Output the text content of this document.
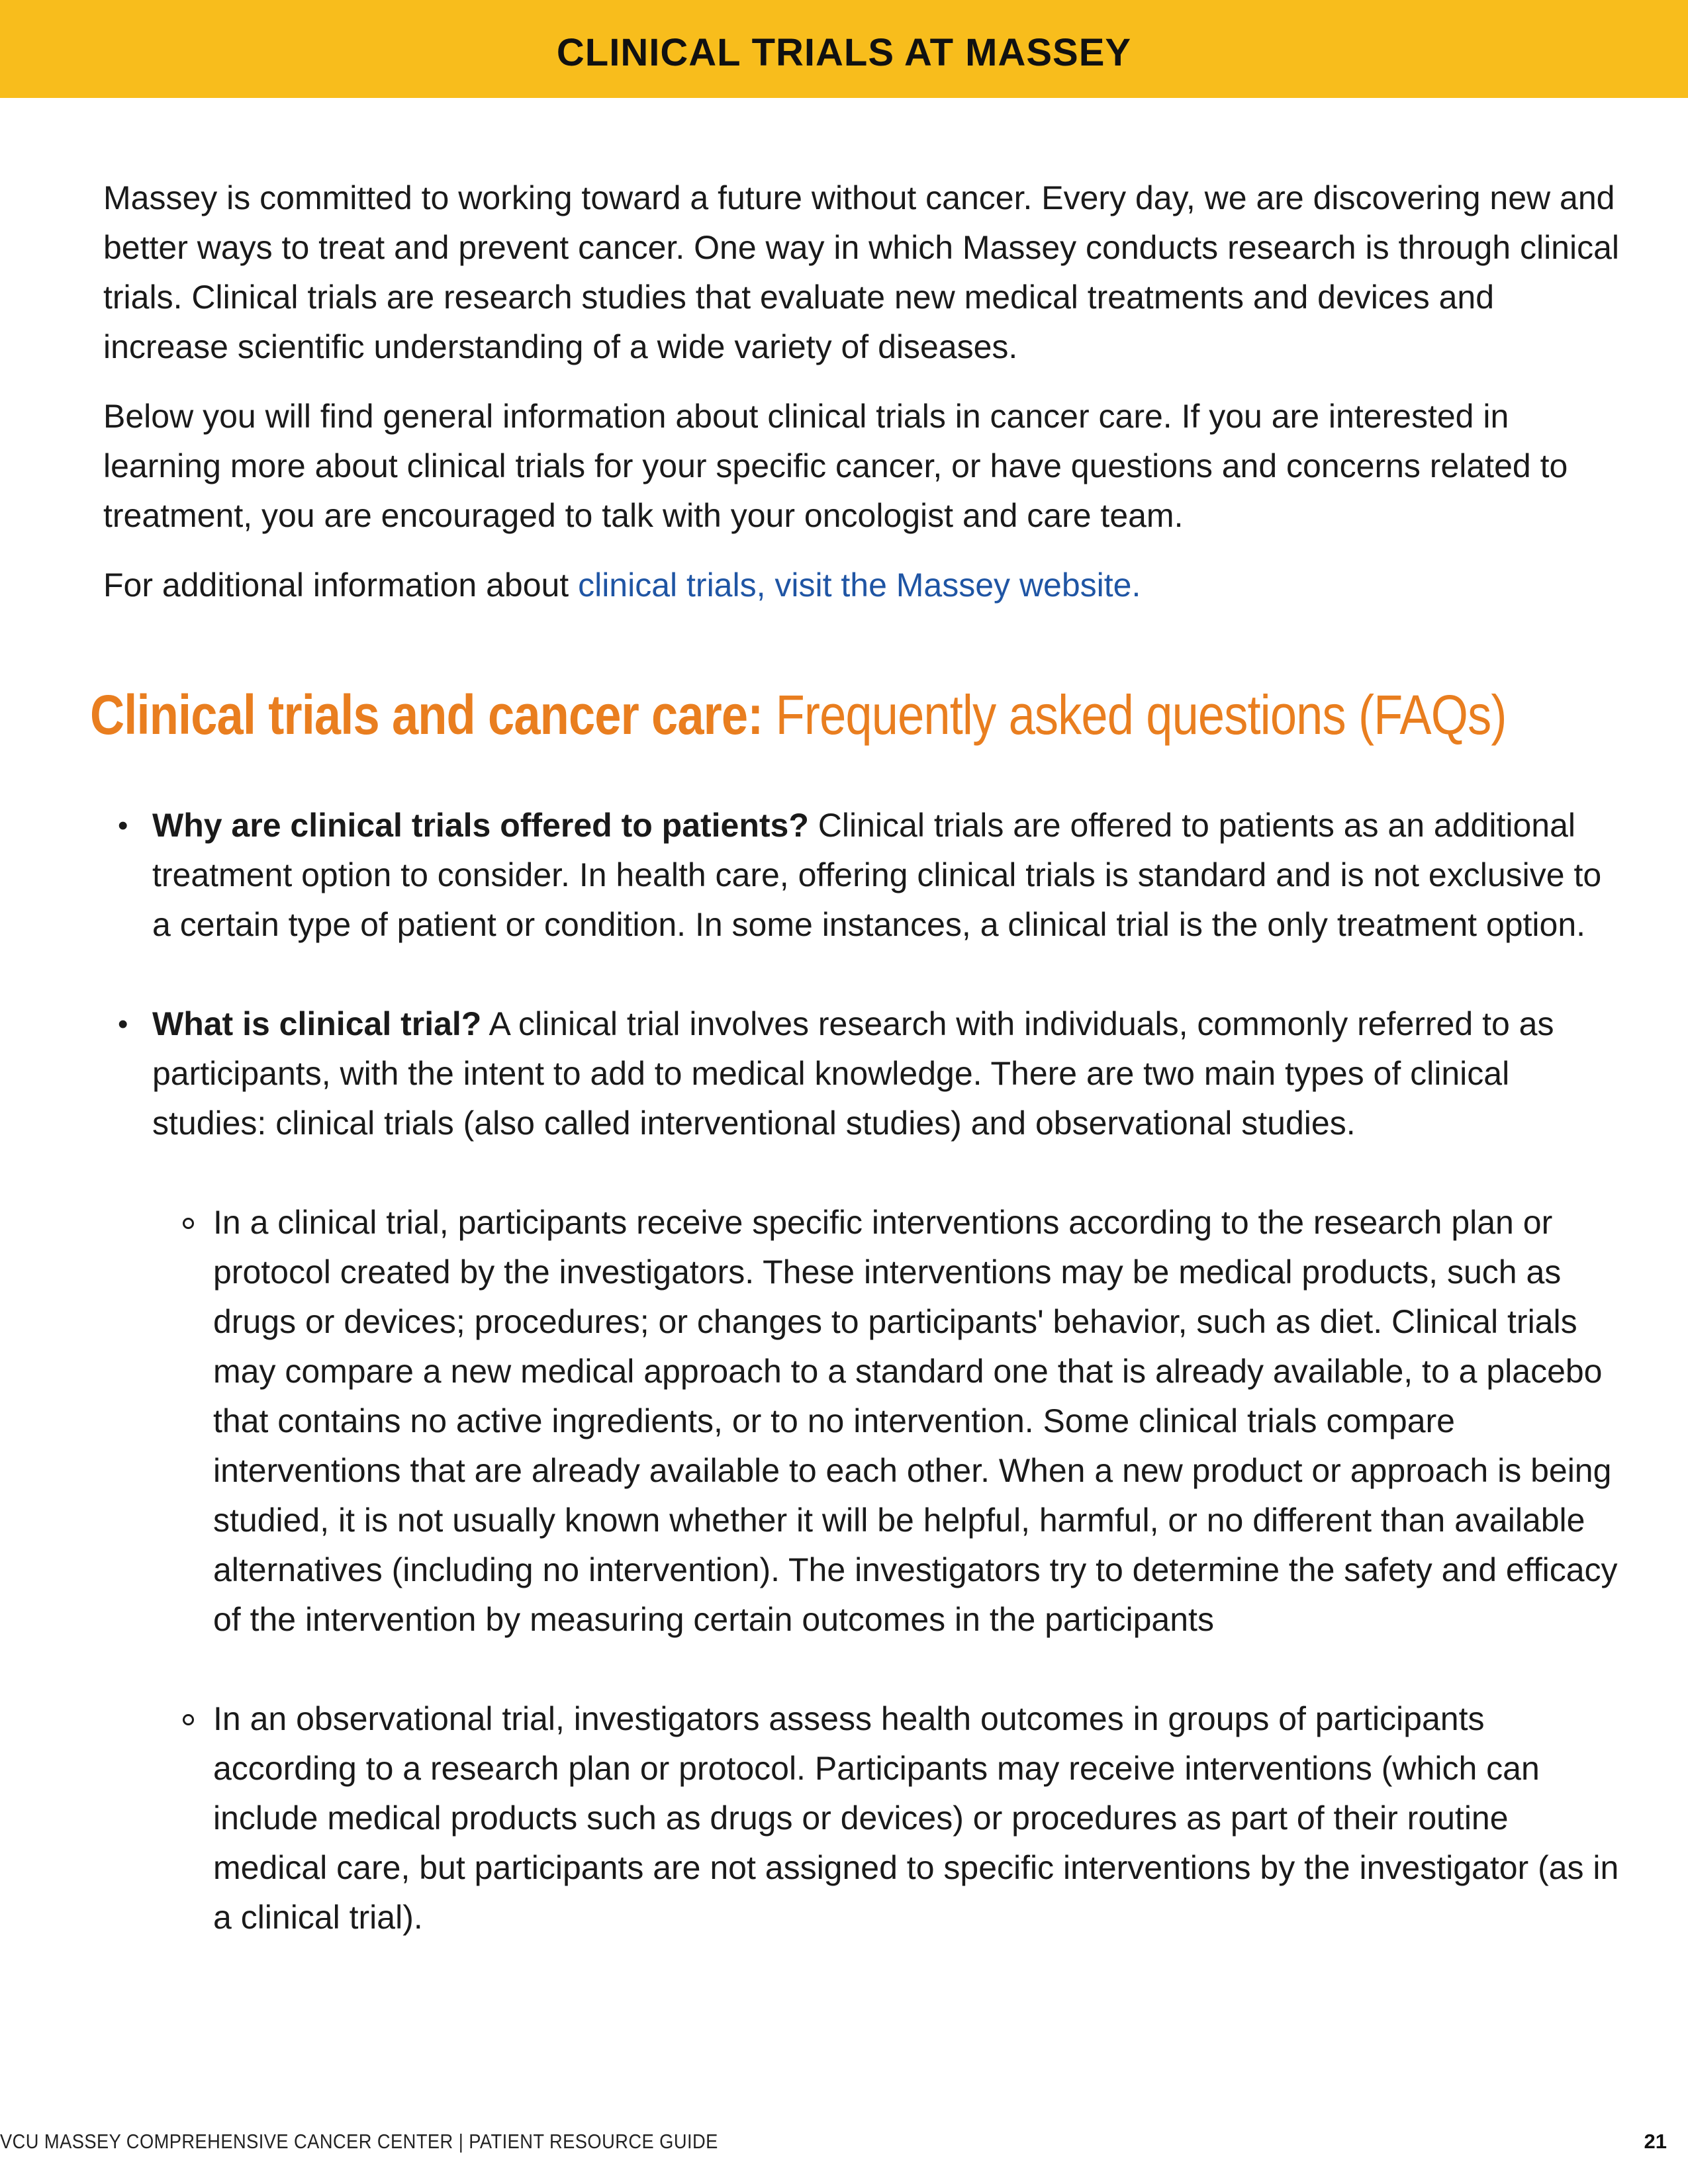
CLINICAL TRIALS AT MASSEY

Massey is committed to working toward a future without cancer. Every day, we are discovering new and better ways to treat and prevent cancer. One way in which Massey conducts research is through clinical trials. Clinical trials are research studies that evaluate new medical treatments and devices and increase scientific understanding of a wide variety of diseases.

Below you will find general information about clinical trials in cancer care. If you are interested in learning more about clinical trials for your specific cancer, or have questions and concerns related to treatment, you are encouraged to talk with your oncologist and care team.

For additional information about clinical trials, visit the Massey website.

Clinical trials and cancer care: Frequently asked questions (FAQs)
• Why are clinical trials offered to patients? Clinical trials are offered to patients as an additional treatment option to consider. In health care, offering clinical trials is standard and is not exclusive to a certain type of patient or condition. In some instances, a clinical trial is the only treatment option.
• What is clinical trial? A clinical trial involves research with individuals, commonly referred to as participants, with the intent to add to medical knowledge. There are two main types of clinical studies: clinical trials (also called interventional studies) and observational studies.
In a clinical trial, participants receive specific interventions according to the research plan or protocol created by the investigators. These interventions may be medical products, such as drugs or devices; procedures; or changes to participants' behavior, such as diet. Clinical trials may compare a new medical approach to a standard one that is already available, to a placebo that contains no active ingredients, or to no intervention. Some clinical trials compare interventions that are already available to each other. When a new product or approach is being studied, it is not usually known whether it will be helpful, harmful, or no different than available alternatives (including no intervention). The investigators try to determine the safety and efficacy of the intervention by measuring certain outcomes in the participants
In an observational trial, investigators assess health outcomes in groups of participants according to a research plan or protocol. Participants may receive interventions (which can include medical products such as drugs or devices) or procedures as part of their routine medical care, but participants are not assigned to specific interventions by the investigator (as in a clinical trial).
VCU MASSEY COMPREHENSIVE CANCER CENTER | PATIENT RESOURCE GUIDE	21
